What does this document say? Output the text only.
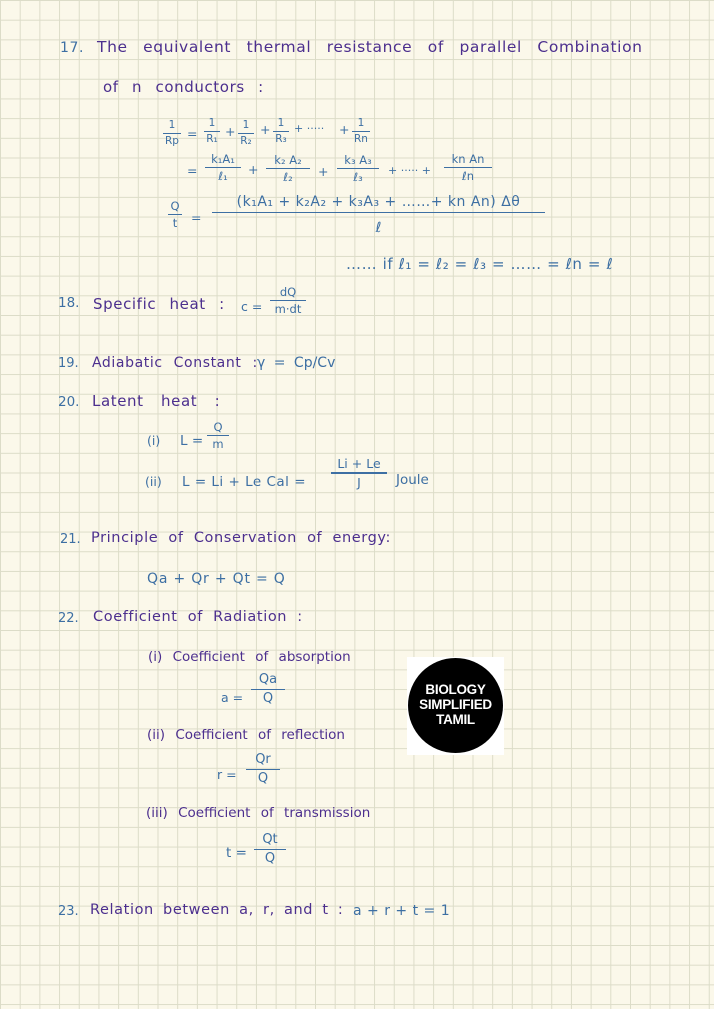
17. The equivalent thermal resistance of parallel Combination
of n conductors :
1
Rp
=
1
R₁
+ 1
R₂
+ 1
R₃
+ ····· + 1
Rn
=
k₁A₁
ℓ₁ +
k₂ A₂
ℓ₂ +
k₃ A₃
ℓ₃ + ····· +
kn An
ℓn
Q
t =
(k₁A₁ + k₂A₂ + k₃A₃ + ……+ kn An) Δθ
ℓ
…… if ℓ₁ = ℓ₂ = ℓ₃ = …… = ℓn = ℓ
18. Specific heat : c =
dQ
m·dt
19. Adiabatic Constant : γ = Cp/Cv
20. Latent heat :
(i) L =
Q
m
(ii) L = Li + Le Cal =
Li + Le
J	Joule
21. Principle of Conservation of energy:
Qa + Qr + Qt = Q
22. Coefficient of Radiation :
(i) Coefficient of absorption
a =
Qa
Q
(ii) Coefficient of reflection
r =
Qr
Q
(iii) Coefficient of transmission
t =
Qt
Q
BIOLOGY
SIMPLIFIED
TAMIL
23. Relation between a, r, and t : a + r + t = 1
